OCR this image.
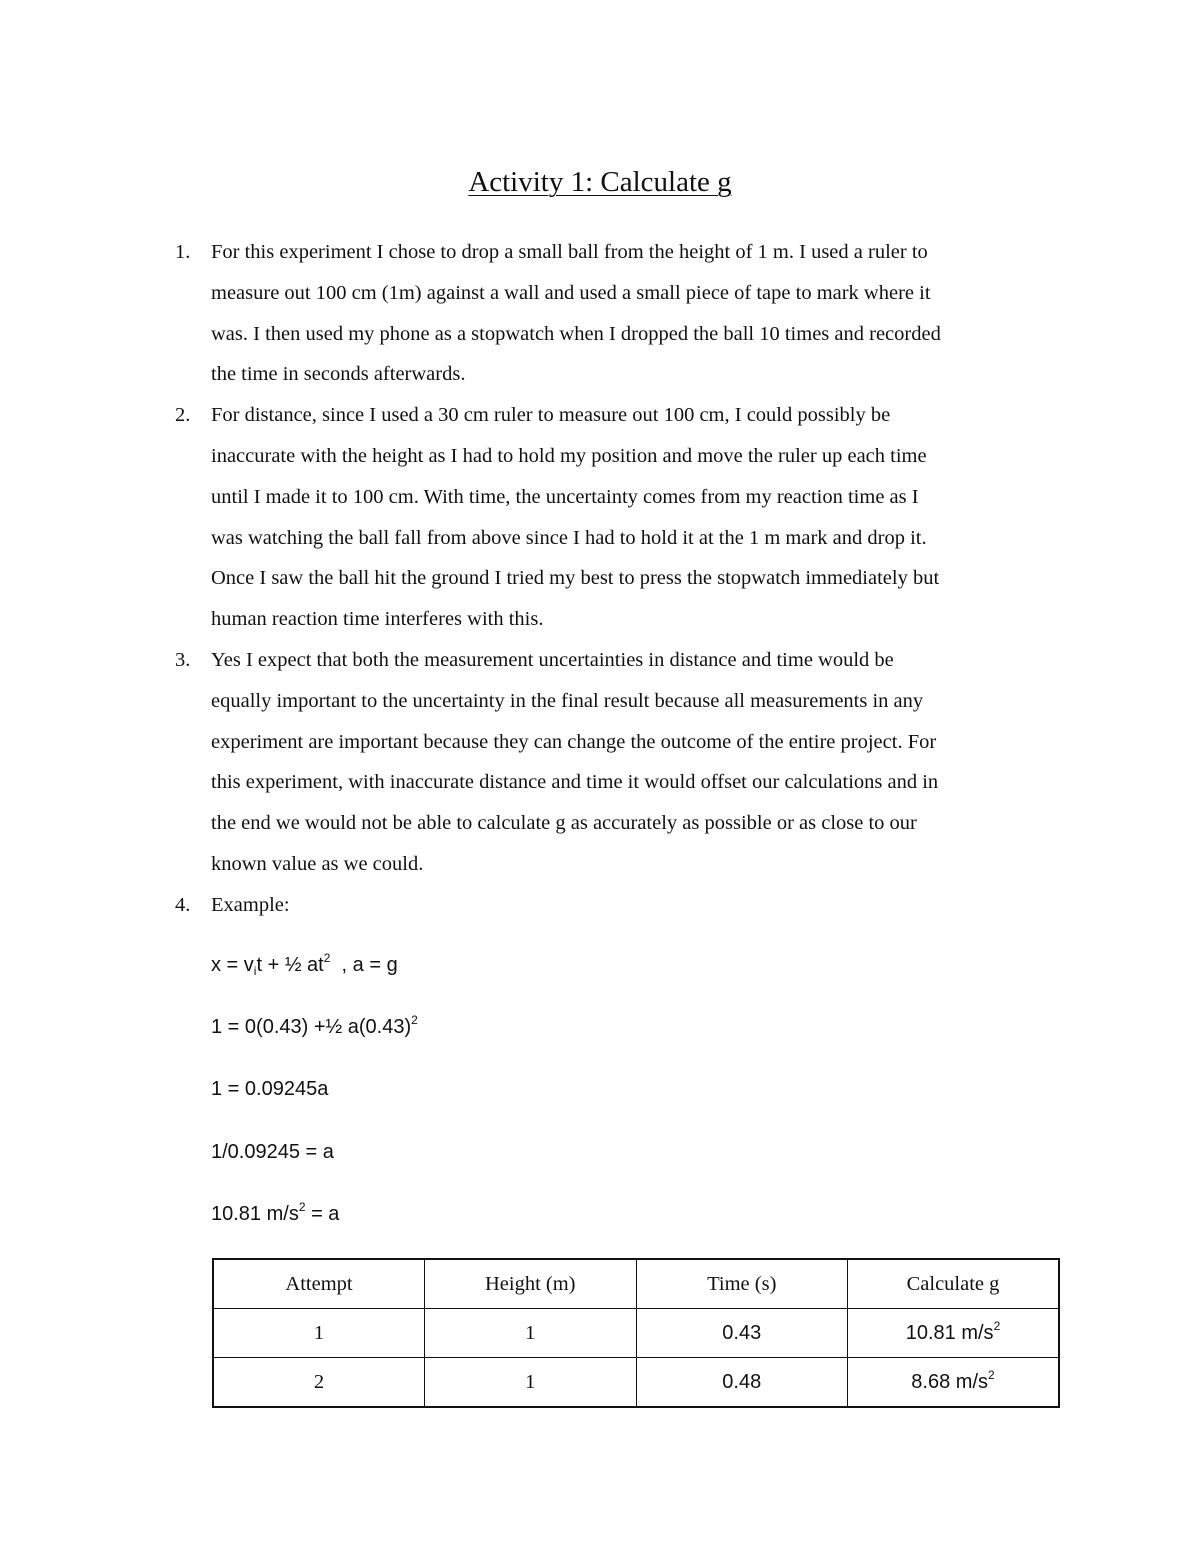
Activity 1: Calculate g
1. For this experiment I chose to drop a small ball from the height of 1 m. I used a ruler to
measure out 100 cm (1m) against a wall and used a small piece of tape to mark where it
was. I then used my phone as a stopwatch when I dropped the ball 10 times and recorded
the time in seconds afterwards.
2. For distance, since I used a 30 cm ruler to measure out 100 cm, I could possibly be
inaccurate with the height as I had to hold my position and move the ruler up each time
until I made it to 100 cm. With time, the uncertainty comes from my reaction time as I
was watching the ball fall from above since I had to hold it at the 1 m mark and drop it.
Once I saw the ball hit the ground I tried my best to press the stopwatch immediately but
human reaction time interferes with this.
3. Yes I expect that both the measurement uncertainties in distance and time would be
equally important to the uncertainty in the final result because all measurements in any
experiment are important because they can change the outcome of the entire project. For
this experiment, with inaccurate distance and time it would offset our calculations and in
the end we would not be able to calculate g as accurately as possible or as close to our
known value as we could.
4. Example:
$x = v_it$ + ½ $at^2$  , a = g
1 = 0(0.43) +½ $a(0.43)^2$
1 = 0.09245a
1/0.09245 = a
10.81 $m/s^2 = a$
Attempt	Height (m)	Time (s)	Calculate g
1	1	0.43	10.81 $m/s^2$
2	1	0.48	8.68 $m/s^2$
